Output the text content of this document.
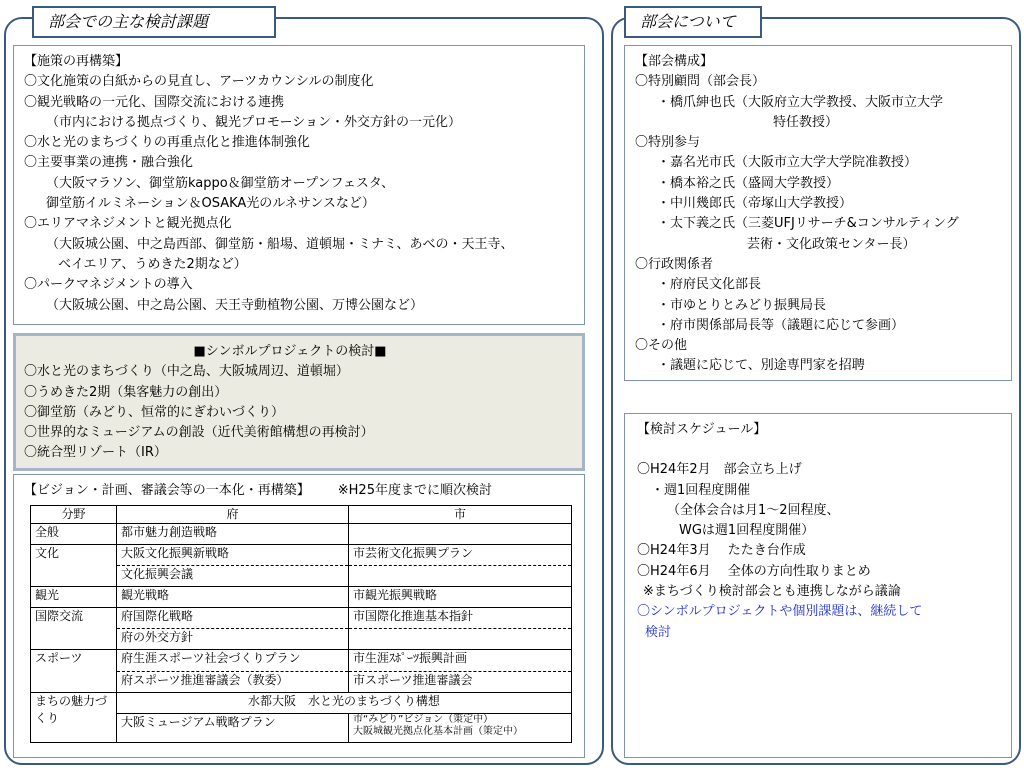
部会での主な検討課題	部会について
【施策の再構築】
〇文化施策の白紙からの見直し、アーツカウンシルの制度化
〇観光戦略の一元化、国際交流における連携
（市内における拠点づくり、観光プロモーション・外交方針の一元化）
〇水と光のまちづくりの再重点化と推進体制強化
〇主要事業の連携・融合強化
（大阪マラソン、御堂筋kappo＆御堂筋オープンフェスタ、
御堂筋イルミネーション＆OSAKA光のルネサンスなど）
〇エリアマネジメントと観光拠点化
（大阪城公園、中之島西部、御堂筋・船場、道頓堀・ミナミ、あべの・天王寺、
ベイエリア、うめきた2期など）
〇パークマネジメントの導入
（大阪城公園、中之島公園、天王寺動植物公園、万博公園など）
■シンボルプロジェクトの検討■
〇水と光のまちづくり（中之島、大阪城周辺、道頓堀）
〇うめきた2期（集客魅力の創出）
〇御堂筋（みどり、恒常的にぎわいづくり）
〇世界的なミュージアムの創設（近代美術館構想の再検討）
〇統合型リゾート（IR）
【ビジョン・計画、審議会等の一本化・再構築】 ※H25年度までに順次検討
分野	府	市
全般	都市魅力創造戦略	
文化	大阪文化振興新戦略	市芸術文化振興プラン
	文化振興会議	
観光	観光戦略	市観光振興戦略
国際交流	府国際化戦略	市国際化推進基本指針
	府の外交方針	
スポーツ	府生涯スポーツ社会づくりプラン	市生涯ｽﾎﾟｰﾂ振興計画
	府スポーツ推進審議会（教委）	市スポーツ推進審議会
まちの魅力づくり	水都大阪　水と光のまちづくり構想	
	大阪ミュージアム戦略プラン	市“みどり”ビジョン（策定中）
大阪城観光拠点化基本計画（策定中）
【部会構成】
〇特別顧問（部会長）
・橋爪紳也氏（大阪府立大学教授、大阪市立大学
特任教授）
〇特別参与
・嘉名光市氏（大阪市立大学大学院准教授）
・橋本裕之氏（盛岡大学教授）
・中川幾郎氏（帝塚山大学教授）
・太下義之氏（三菱UFJリサーチ&コンサルティング
芸術・文化政策センター長）
〇行政関係者
・府府民文化部長
・市ゆとりとみどり振興局長
・府市関係部局長等（議題に応じて参画）
〇その他
・議題に応じて、別途専門家を招聘
【検討スケジュール】
〇H24年2月　部会立ち上げ
・週1回程度開催
（全体会合は月1～2回程度、
WGは週1回程度開催）
〇H24年3月　 たたき台作成
〇H24年6月　 全体の方向性取りまとめ
※まちづくり検討部会とも連携しながら議論
〇シンボルプロジェクトや個別課題は、継続して
検討
